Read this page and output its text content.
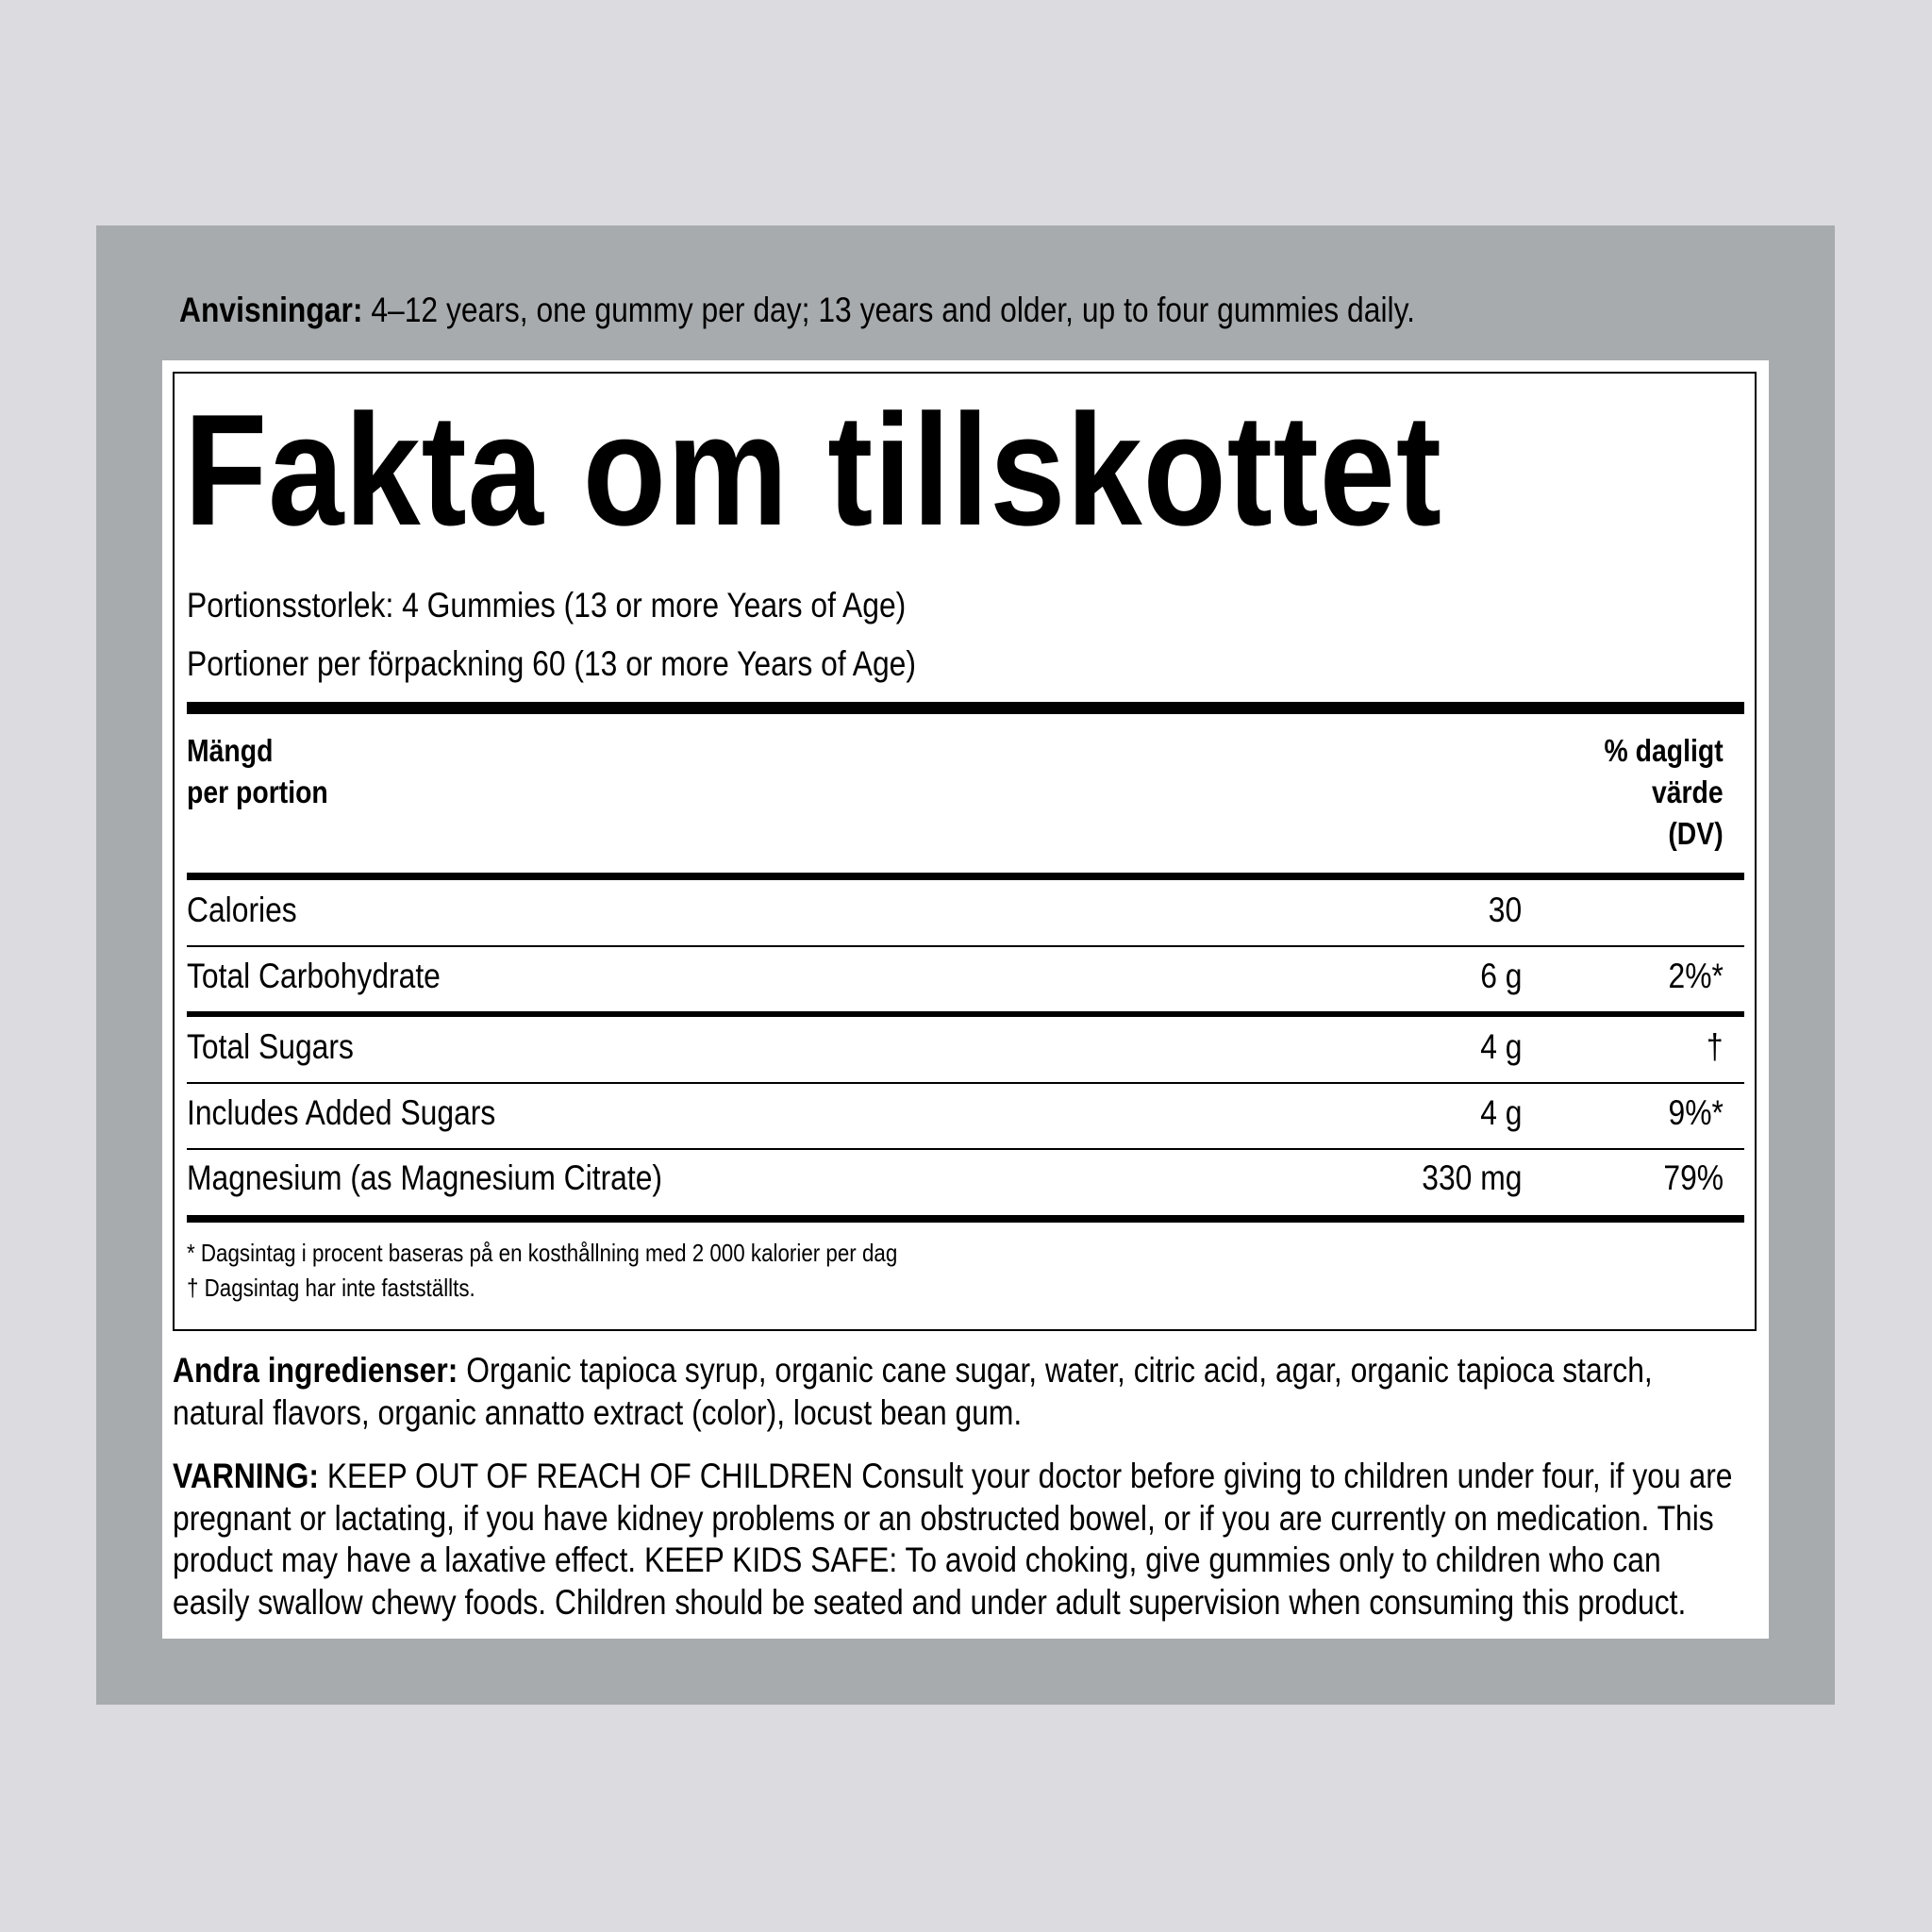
Anvisningar: 4–12 years, one gummy per day; 13 years and older, up to four gummies daily.
Fakta om tillskottet
Portionsstorlek: 4 Gummies (13 or more Years of Age)
Portioner per förpackning 60 (13 or more Years of Age)
Mängd
per portion
% dagligt
värde
(DV)
Calories	30
Total Carbohydrate	6 g	2%*
Total Sugars	4 g	†
Includes Added Sugars	4 g	9%*
Magnesium (as Magnesium Citrate)	330 mg	79%
* Dagsintag i procent baseras på en kosthållning med 2 000 kalorier per dag
† Dagsintag har inte fastställts.
Andra ingredienser: Organic tapioca syrup, organic cane sugar, water, citric acid, agar, organic tapioca starch, natural flavors, organic annatto extract (color), locust bean gum.
VARNING: KEEP OUT OF REACH OF CHILDREN Consult your doctor before giving to children under four, if you are pregnant or lactating, if you have kidney problems or an obstructed bowel, or if you are currently on medication. This product may have a laxative effect. KEEP KIDS SAFE: To avoid choking, give gummies only to children who can easily swallow chewy foods. Children should be seated and under adult supervision when consuming this product.
